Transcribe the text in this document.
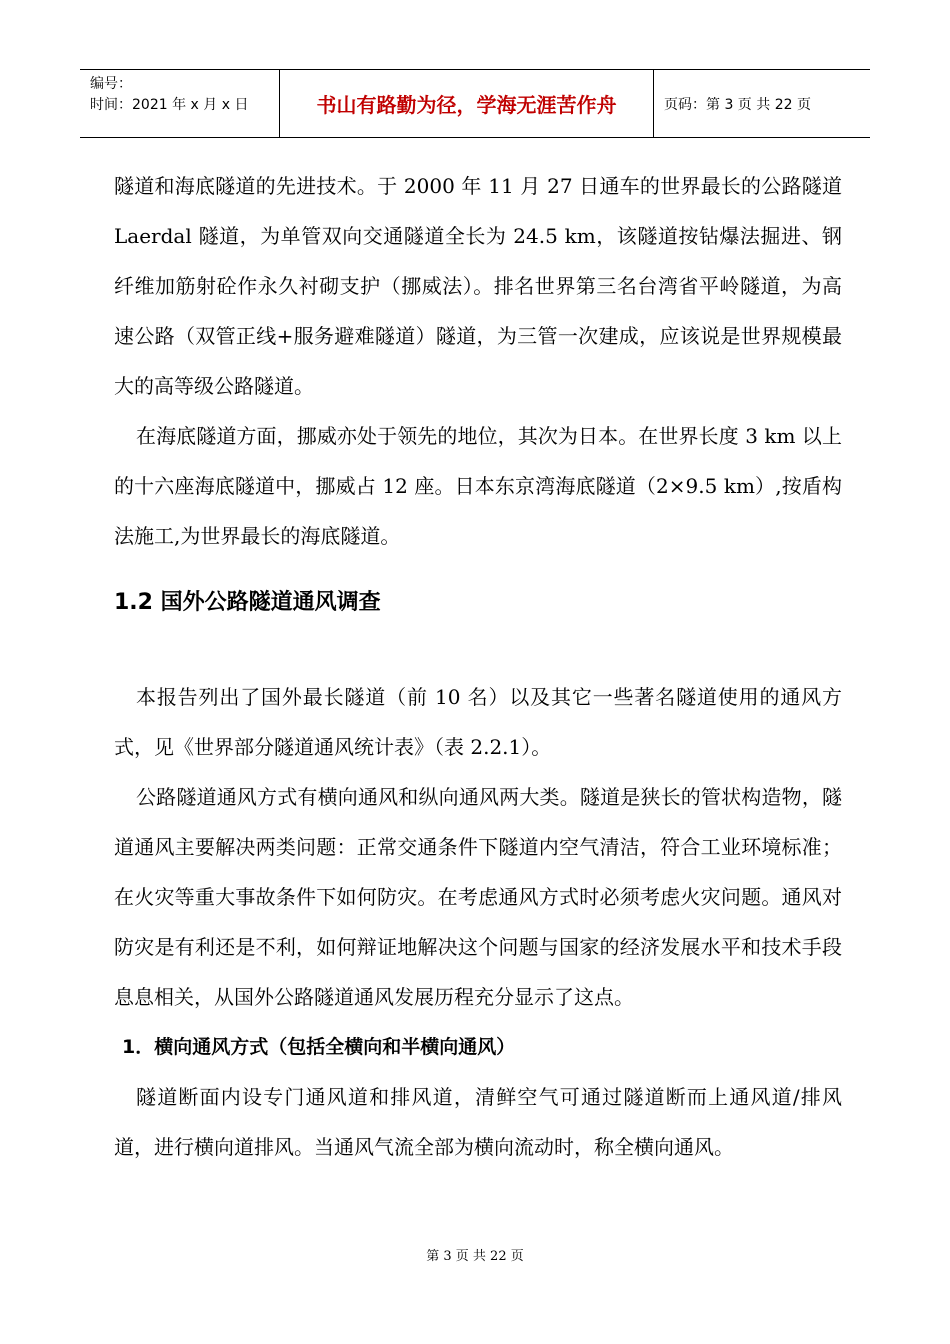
编号：
时间：2021 年 x 月 x 日	书山有路勤为径，学海无涯苦作舟	页码：第 3 页 共 22 页

隧道和海底隧道的先进技术。于 2000 年 11 月 27 日通车的世界最长的公路隧道 Laerdal 隧道，为单管双向交通隧道全长为 24.5 km，该隧道按钻爆法掘进、钢纤维加筋射砼作永久衬砌支护（挪威法）。排名世界第三名台湾省平岭隧道，为高速公路（双管正线+服务避难隧道）隧道，为三管一次建成，应该说是世界规模最大的高等级公路隧道。

在海底隧道方面，挪威亦处于领先的地位，其次为日本。在世界长度 3 km 以上的十六座海底隧道中，挪威占 12 座。日本东京湾海底隧道（2×9.5 km）,按盾构法施工,为世界最长的海底隧道。

1.2 国外公路隧道通风调查

本报告列出了国外最长隧道（前 10 名）以及其它一些著名隧道使用的通风方式，见《世界部分隧道通风统计表》（表 2.2.1）。

公路隧道通风方式有横向通风和纵向通风两大类。隧道是狭长的管状构造物，隧道通风主要解决两类问题：正常交通条件下隧道内空气清洁，符合工业环境标准；在火灾等重大事故条件下如何防灾。在考虑通风方式时必须考虑火灾问题。通风对防灾是有利还是不利，如何辩证地解决这个问题与国家的经济发展水平和技术手段息息相关，从国外公路隧道通风发展历程充分显示了这点。

1．横向通风方式（包括全横向和半横向通风）

隧道断面内设专门通风道和排风道，清鲜空气可通过隧道断而上通风道/排风道，进行横向道排风。当通风气流全部为横向流动时，称全横向通风。

第 3 页 共 22 页
